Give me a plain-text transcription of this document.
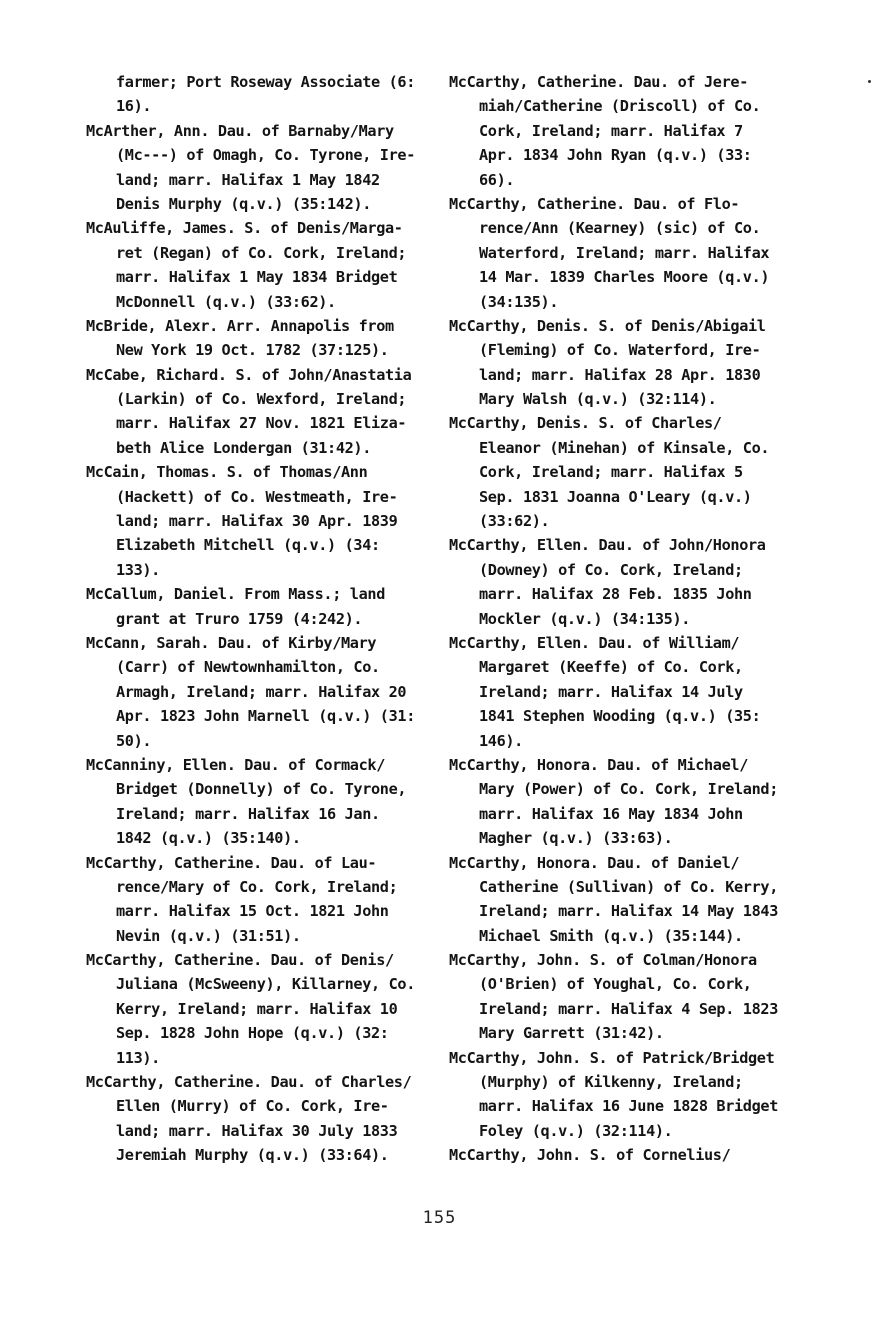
farmer; Port Roseway Associate (6:
16).
McArther, Ann. Dau. of Barnaby/Mary
(Mc---) of Omagh, Co. Tyrone, Ire-
land; marr. Halifax 1 May 1842
Denis Murphy (q.v.) (35:142).
McAuliffe, James. S. of Denis/Marga-
ret (Regan) of Co. Cork, Ireland;
marr. Halifax 1 May 1834 Bridget
McDonnell (q.v.) (33:62).
McBride, Alexr. Arr. Annapolis from
New York 19 Oct. 1782 (37:125).
McCabe, Richard. S. of John/Anastatia
(Larkin) of Co. Wexford, Ireland;
marr. Halifax 27 Nov. 1821 Eliza-
beth Alice Londergan (31:42).
McCain, Thomas. S. of Thomas/Ann
(Hackett) of Co. Westmeath, Ire-
land; marr. Halifax 30 Apr. 1839
Elizabeth Mitchell (q.v.) (34:
133).
McCallum, Daniel. From Mass.; land
grant at Truro 1759 (4:242).
McCann, Sarah. Dau. of Kirby/Mary
(Carr) of Newtownhamilton, Co.
Armagh, Ireland; marr. Halifax 20
Apr. 1823 John Marnell (q.v.) (31:
50).
McCanniny, Ellen. Dau. of Cormack/
Bridget (Donnelly) of Co. Tyrone,
Ireland; marr. Halifax 16 Jan.
1842 (q.v.) (35:140).
McCarthy, Catherine. Dau. of Lau-
rence/Mary of Co. Cork, Ireland;
marr. Halifax 15 Oct. 1821 John
Nevin (q.v.) (31:51).
McCarthy, Catherine. Dau. of Denis/
Juliana (McSweeny), Killarney, Co.
Kerry, Ireland; marr. Halifax 10
Sep. 1828 John Hope (q.v.) (32:
113).
McCarthy, Catherine. Dau. of Charles/
Ellen (Murry) of Co. Cork, Ire-
land; marr. Halifax 30 July 1833
Jeremiah Murphy (q.v.) (33:64).
McCarthy, Catherine. Dau. of Jere-
miah/Catherine (Driscoll) of Co.
Cork, Ireland; marr. Halifax 7
Apr. 1834 John Ryan (q.v.) (33:
66).
McCarthy, Catherine. Dau. of Flo-
rence/Ann (Kearney) (sic) of Co.
Waterford, Ireland; marr. Halifax
14 Mar. 1839 Charles Moore (q.v.)
(34:135).
McCarthy, Denis. S. of Denis/Abigail
(Fleming) of Co. Waterford, Ire-
land; marr. Halifax 28 Apr. 1830
Mary Walsh (q.v.) (32:114).
McCarthy, Denis. S. of Charles/
Eleanor (Minehan) of Kinsale, Co.
Cork, Ireland; marr. Halifax 5
Sep. 1831 Joanna O'Leary (q.v.)
(33:62).
McCarthy, Ellen. Dau. of John/Honora
(Downey) of Co. Cork, Ireland;
marr. Halifax 28 Feb. 1835 John
Mockler (q.v.) (34:135).
McCarthy, Ellen. Dau. of William/
Margaret (Keeffe) of Co. Cork,
Ireland; marr. Halifax 14 July
1841 Stephen Wooding (q.v.) (35:
146).
McCarthy, Honora. Dau. of Michael/
Mary (Power) of Co. Cork, Ireland;
marr. Halifax 16 May 1834 John
Magher (q.v.) (33:63).
McCarthy, Honora. Dau. of Daniel/
Catherine (Sullivan) of Co. Kerry,
Ireland; marr. Halifax 14 May 1843
Michael Smith (q.v.) (35:144).
McCarthy, John. S. of Colman/Honora
(O'Brien) of Youghal, Co. Cork,
Ireland; marr. Halifax 4 Sep. 1823
Mary Garrett (31:42).
McCarthy, John. S. of Patrick/Bridget
(Murphy) of Kilkenny, Ireland;
marr. Halifax 16 June 1828 Bridget
Foley (q.v.) (32:114).
McCarthy, John. S. of Cornelius/
155
